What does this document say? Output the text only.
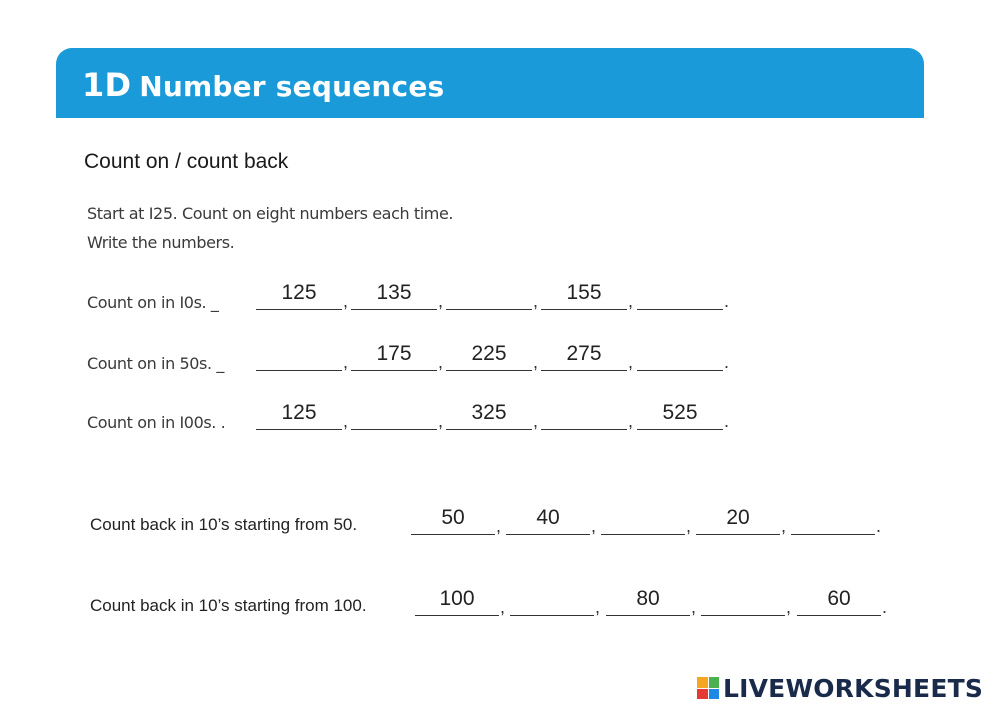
1D Number sequences
Count on / count back
Start at I25. Count on eight numbers each time.
Write the numbers.
Count on in I0s. _	125	,	135	,	,	155	,	.
Count on in 50s. _	,	175	,	225	,	275	,	.
Count on in I00s. .	125	,	,	325	,	,	525	.
Count back in 10’s starting from 50.	50	,	40	,	,	20	,	.
Count back in 10’s starting from 100.	100	,	,	80	,	,	60	.
LIVEWORKSHEETS
